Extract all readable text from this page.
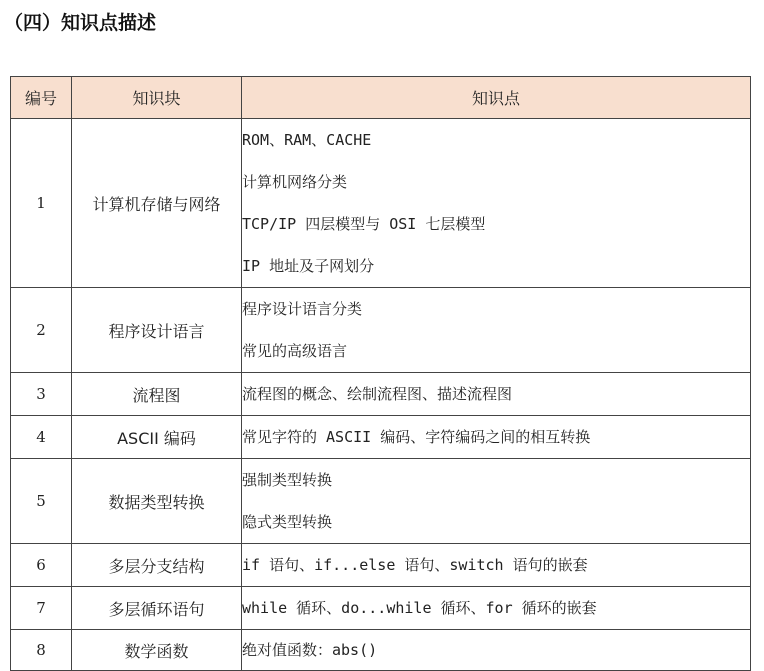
（四）知识点描述
编号	知识块	知识点
1	计算机存储与网络	ROM、RAM、CACHE
计算机网络分类
TCP/IP 四层模型与 OSI 七层模型
IP 地址及子网划分

2	程序设计语言	程序设计语言分类
常见的高级语言

3	流程图	流程图的概念、绘制流程图、描述流程图

4	ASCII 编码	常见字符的 ASCII 编码、字符编码之间的相互转换

5	数据类型转换	强制类型转换
隐式类型转换

6	多层分支结构	if 语句、if...else 语句、switch 语句的嵌套

7	多层循环语句	while 循环、do...while 循环、for 循环的嵌套

8	数学函数	绝对值函数：abs()
